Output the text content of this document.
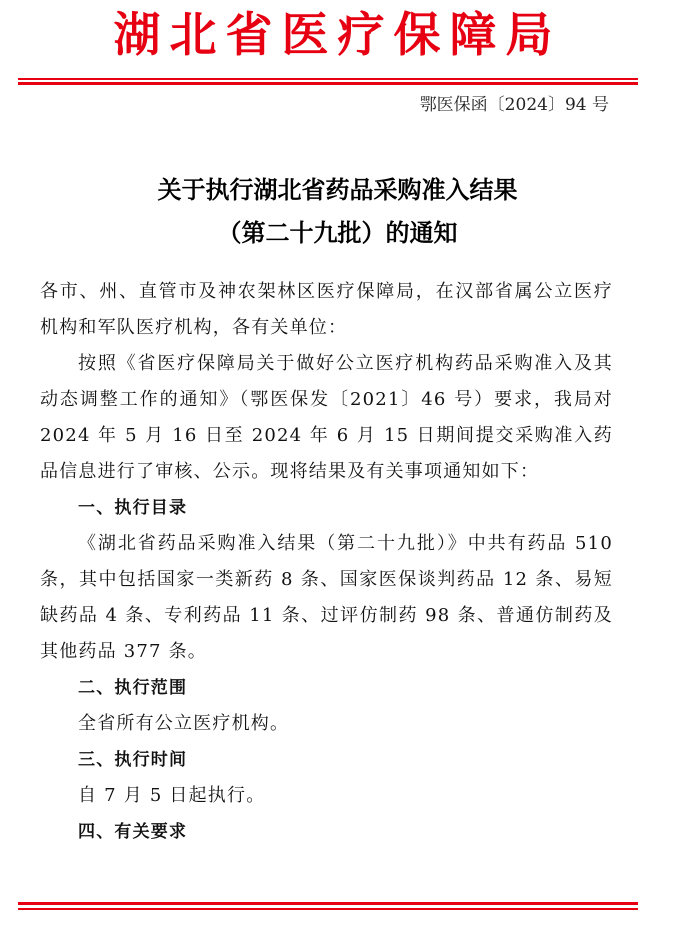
湖北省医疗保障局
鄂医保函〔2024〕94 号
关于执行湖北省药品采购准入结果
（第二十九批）的通知

各市、州、直管市及神农架林区医疗保障局，在汉部省属公立医疗机构和军队医疗机构，各有关单位：

按照《省医疗保障局关于做好公立医疗机构药品采购准入及其动态调整工作的通知》（鄂医保发〔2021〕46 号）要求，我局对 2024 年 5 月 16 日至 2024 年 6 月 15 日期间提交采购准入药品信息进行了审核、公示。现将结果及有关事项通知如下：

一、执行目录

《湖北省药品采购准入结果（第二十九批）》中共有药品 510 条，其中包括国家一类新药 8 条、国家医保谈判药品 12 条、易短缺药品 4 条、专利药品 11 条、过评仿制药 98 条、普通仿制药及其他药品 377 条。

二、执行范围

全省所有公立医疗机构。

三、执行时间

自 7 月 5 日起执行。

四、有关要求
